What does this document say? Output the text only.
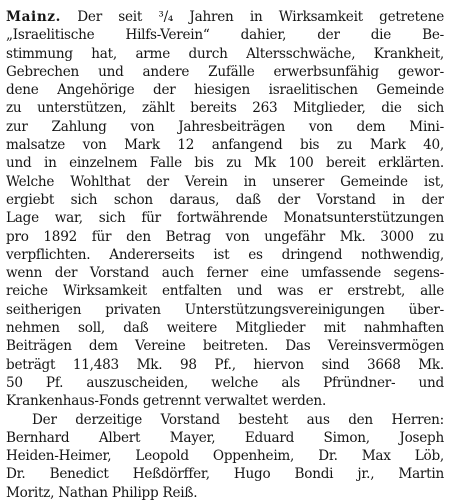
Mainz. Der seit ³/₄ Jahren in Wirksamkeit getretene
„Israelitische Hilfs-Verein“ dahier, der die Be-
stimmung hat, arme durch Altersschwäche, Krankheit,
Gebrechen und andere Zufälle erwerbsunfähig gewor-
dene Angehörige der hiesigen israelitischen Gemeinde
zu unterstützen, zählt bereits 263 Mitglieder, die sich
zur Zahlung von Jahresbeiträgen von dem Mini-
malsatze von Mark 12 anfangend bis zu Mark 40,
und in einzelnem Falle bis zu Mk 100 bereit erklärten.
Welche Wohlthat der Verein in unserer Gemeinde ist,
ergiebt sich schon daraus, daß der Vorstand in der
Lage war, sich für fortwährende Monatsunterstützungen
pro 1892 für den Betrag von ungefähr Mk. 3000 zu
verpflichten. Andererseits ist es dringend nothwendig,
wenn der Vorstand auch ferner eine umfassende segens-
reiche Wirksamkeit entfalten und was er erstrebt, alle
seitherigen privaten Unterstützungsvereinigungen über-
nehmen soll, daß weitere Mitglieder mit nahmhaften
Beiträgen dem Vereine beitreten. Das Vereinsvermögen
beträgt 11,483 Mk. 98 Pf., hiervon sind 3668 Mk.
50 Pf. auszuscheiden, welche als Pfründner- und
Krankenhaus-Fonds getrennt verwaltet werden.
Der derzeitige Vorstand besteht aus den Herren:
Bernhard Albert Mayer, Eduard Simon, Joseph
Heiden-Heimer, Leopold Oppenheim, Dr. Max Löb,
Dr. Benedict Heßdörffer, Hugo Bondi jr., Martin
Moritz, Nathan Philipp Reiß.
